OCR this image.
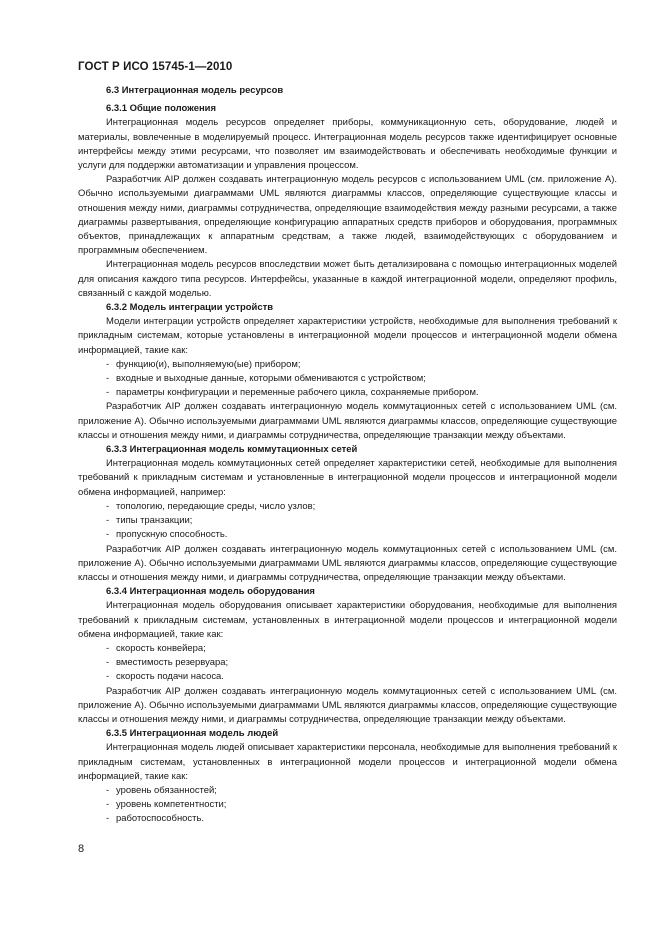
ГОСТ Р ИСО 15745-1—2010
6.3 Интеграционная модель ресурсов
6.3.1 Общие положения

Интеграционная модель ресурсов определяет приборы, коммуникационную сеть, оборудование, людей и материалы, вовлеченные в моделируемый процесс. Интеграционная модель ресурсов также идентифицирует основные интерфейсы между этими ресурсами, что позволяет им взаимодействовать и обеспечивать необходимые функции и услуги для поддержки автоматизации и управления процессом.

Разработчик AIP должен создавать интеграционную модель ресурсов с использованием UML (см. приложение А). Обычно используемыми диаграммами UML являются диаграммы классов, определяющие существующие классы и отношения между ними, диаграммы сотрудничества, определяющие взаимодействия между разными ресурсами, а также диаграммы развертывания, определяющие конфигурацию аппаратных средств приборов и оборудования, программных объектов, принадлежащих к аппаратным средствам, а также людей, взаимодействующих с оборудованием и программным обеспечением.

Интеграционная модель ресурсов впоследствии может быть детализирована с помощью интеграционных моделей для описания каждого типа ресурсов. Интерфейсы, указанные в каждой интеграционной модели, определяют профиль, связанный с каждой моделью.

6.3.2 Модель интеграции устройств

Модели интеграции устройств определяет характеристики устройств, необходимые для выполнения требований к прикладным системам, которые установлены в интеграционной модели процессов и интеграционной модели обмена информацией, такие как:

- функцию(и), выполняемую(ые) прибором;
- входные и выходные данные, которыми обмениваются с устройством;
- параметры конфигурации и переменные рабочего цикла, сохраняемые прибором.

Разработчик AIP должен создавать интеграционную модель коммутационных сетей с использованием UML (см. приложение А). Обычно используемыми диаграммами UML являются диаграммы классов, определяющие существующие классы и отношения между ними, и диаграммы сотрудничества, определяющие транзакции между объектами.

6.3.3 Интеграционная модель коммутационных сетей

Интеграционная модель коммутационных сетей определяет характеристики сетей, необходимые для выполнения требований к прикладным системам и установленные в интеграционной модели процессов и интеграционной модели обмена информацией, например:

- топологию, передающие среды, число узлов;
- типы транзакции;
- пропускную способность.

Разработчик AIP должен создавать интеграционную модель коммутационных сетей с использованием UML (см. приложение А). Обычно используемыми диаграммами UML являются диаграммы классов, определяющие существующие классы и отношения между ними, и диаграммы сотрудничества, определяющие транзакции между объектами.

6.3.4 Интеграционная модель оборудования

Интеграционная модель оборудования описывает характеристики оборудования, необходимые для выполнения требований к прикладным системам, установленных в интеграционной модели процессов и интеграционной модели обмена информацией, такие как:

- скорость конвейера;
- вместимость резервуара;
- скорость подачи насоса.

Разработчик AIP должен создавать интеграционную модель коммутационных сетей с использованием UML (см. приложение А). Обычно используемыми диаграммами UML являются диаграммы классов, определяющие существующие классы и отношения между ними, и диаграммы сотрудничества, определяющие транзакции между объектами.

6.3.5 Интеграционная модель людей

Интеграционная модель людей описывает характеристики персонала, необходимые для выполнения требований к прикладным системам, установленных в интеграционной модели процессов и интеграционной модели обмена информацией, такие как:

- уровень обязанностей;
- уровень компетентности;
- работоспособность.
8
